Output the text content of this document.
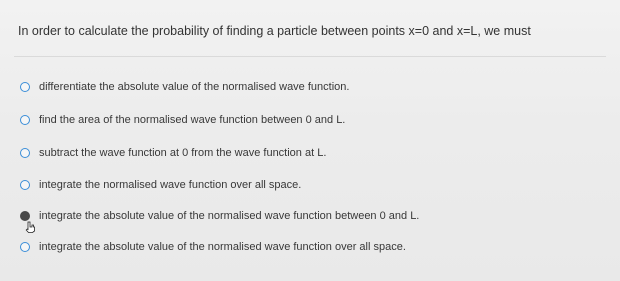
In order to calculate the probability of finding a particle between points x=0 and x=L, we must
differentiate the absolute value of the normalised wave function.
find the area of the normalised wave function between 0 and L.
subtract the wave function at 0 from the wave function at L.
integrate the normalised wave function over all space.
integrate the absolute value of the normalised wave function between 0 and L.
integrate the absolute value of the normalised wave function over all space.
